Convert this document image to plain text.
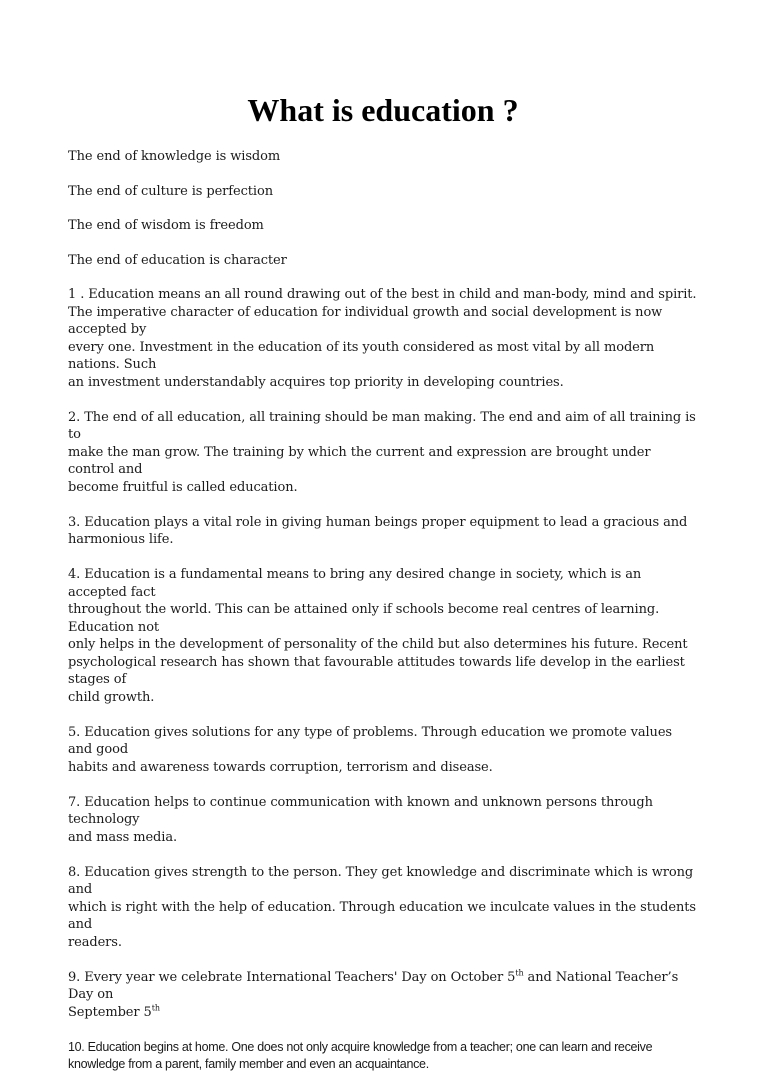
What is education ?

The end of knowledge is wisdom

The end of culture is perfection

The end of wisdom is freedom

The end of education is character

1 . Education means an all round drawing out of the best in child and man-body, mind and spirit.

The imperative character of education for individual growth and social development is now accepted by

every one. Investment in the education of its youth considered as most vital by all modern nations. Such

an investment understandably acquires top priority in developing countries.

2. The end of all education, all training should be man making. The end and aim of all training is to

make the man grow. The training by which the current and expression are brought under control and

become fruitful is called education.

3. Education plays a vital role in giving human beings proper equipment to lead a gracious and

harmonious life.

4. Education is a fundamental means to bring any desired change in society, which is an accepted fact

throughout the world. This can be attained only if schools become real centres of learning. Education not

only helps in the development of personality of the child but also determines his future. Recent

psychological research has shown that favourable attitudes towards life develop in the earliest stages of

child growth.

5. Education gives solutions for any type of problems. Through education we promote values and good

habits and awareness towards corruption, terrorism and disease.

7. Education helps to continue communication with known and unknown persons through technology

and mass media.

8. Education gives strength to the person. They get knowledge and discriminate which is wrong and

which is right with the help of education. Through education we inculcate values in the students and

readers.

9. Every year we celebrate International Teachers' Day on October 5th and National Teacher’s Day on

September 5th

10. Education begins at home. One does not only acquire knowledge from a teacher; one can learn and receive

knowledge from a parent, family member and even an acquaintance.
